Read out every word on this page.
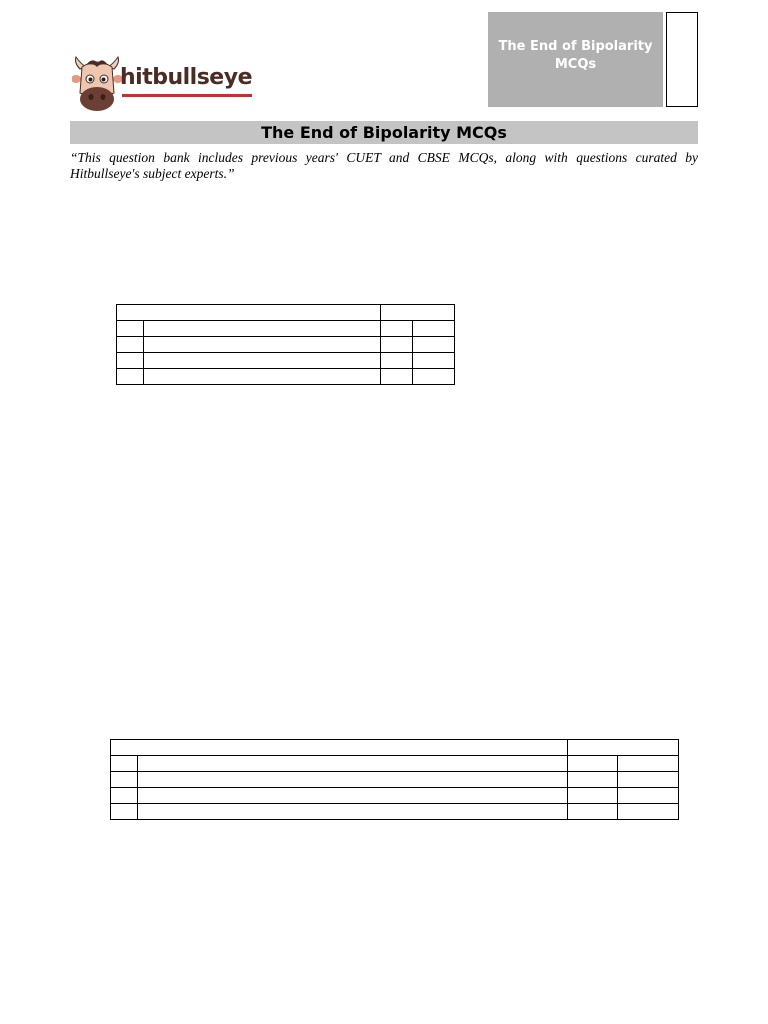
hitbullseye
The End of Bipolarity MCQs
The End of Bipolarity MCQs
“This question bank includes previous years' CUET and CBSE MCQs, along with questions curated by Hitbullseye's subject experts.”
